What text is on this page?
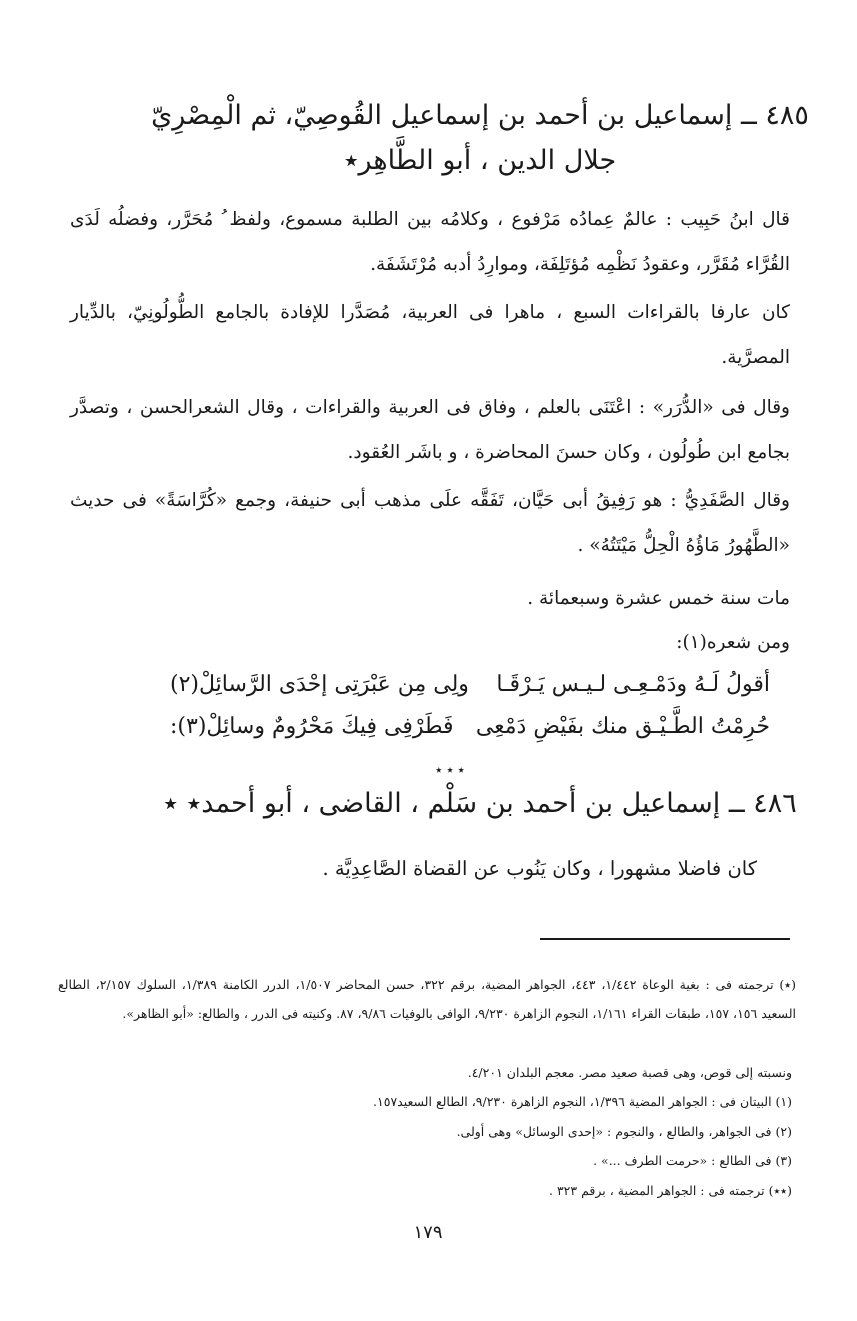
٤٨٥ ــ إسماعيل بن أحمد بن إسماعيل القُوصِيّ، ثم الْمِصْرِيّ
جلال الدين ، أبو الطَّاهِر٭
قال ابنُ حَبِيب : عالمٌ عِمادُه مَرْفوع ، وكلامُه بين الطلبة مسموع، ولفظ ُ مُحَرَّر، وفضلُه لَدَى القُرَّاء مُقَرَّر، وعقودُ نَظْمِه مُؤتَلِفَة، وموارِدُ أدبه مُرْتَشَفَة.
كان عارفا بالقراءات السبع ، ماهرا فى العربية، مُصَدَّرا للإفادة بالجامع الطُّولُونِيّ، بالدِّيار المصرَّية.
وقال فى «الدُّرَر» : اعْتَنَى بالعلم ، وفاق فى العربية والقراءات ، وقال الشعرالحسن ، وتصدَّر بجامع ابن طُولُون ، وكان حسنَ المحاضرة ، و باشَر العُقود.
وقال الصَّفَدِيُّ : هو رَفِيقُ أبى حَيَّان، تَفَقَّه علَى مذهب أبى حنيفة، وجمع «كُرَّاسَةً» فى حديث «الطَّهُورُ مَاؤُهُ الْحِلُّ مَيْتَتُهُ» .
مات سنة خمس عشرة وسبعمائة .
ومن شعره(١):
أقولُ لَـهُ ودَمْـعِـى لـيـس يَـرْقَـا
ولِى مِن عَبْرَتِى إحْدَى الرَّسائِلْ(٢)
حُرِمْتُ الطَّـيْـق منك بفَيْضِ دَمْعِى
فَطَرْفِى فِيكَ مَحْرُومٌ وسائِلْ(٣):
٭ ٭ ٭
٤٨٦ ــ إسماعيل بن أحمد بن سَلْم ، القاضى ، أبو أحمد٭ ٭
كان فاضلا مشهورا ، وكان يَنُوب عن القضاة الصَّاعِدِيَّة .
(٭) ترجمته فى : بغية الوعاة ١/٤٤٢، ٤٤٣، الجواهر المضية، برقم ٣٢٢، حسن المحاضر ١/٥٠٧، الدرر الكامنة ١/٣٨٩، السلوك ٢/١٥٧، الطالع السعيد ١٥٦، ١٥٧، طبقات القراء ١/١٦١، النجوم الزاهرة ٩/٢٣٠، الوافى بالوفيات ٩/٨٦، ٨٧. وكنيته فى الدرر ، والطالع: «أبو الظاهر».
ونسبته إلى قوص، وهى قصبة صعيد مصر. معجم البلدان ٤/٢٠١.
(١) البيتان فى : الجواهر المضية ١/٣٩٦، النجوم الزاهرة ٩/٢٣٠، الطالع السعيد١٥٧.
(٢) فى الجواهر، والطالع ، والنجوم : «إحدى الوسائل» وهى أولى.
(٣) فى الطالع : «حرمت الطرف ...» .
(٭٭) ترجمته فى : الجواهر المضية ، برقم ٣٢٣ .
١٧٩
